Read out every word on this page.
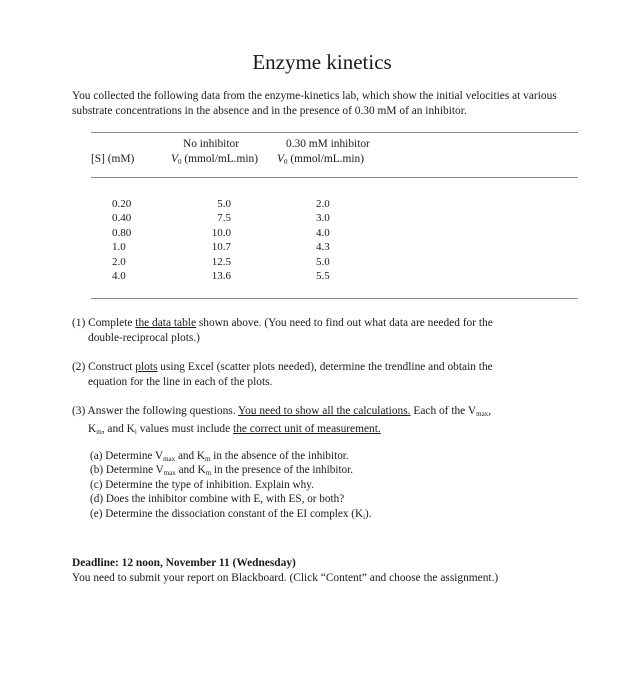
Enzyme kinetics
You collected the following data from the enzyme-kinetics lab, which show the initial velocities at various substrate concentrations in the absence and in the presence of 0.30 mM of an inhibitor.
No inhibitor	0.30 mM inhibitor
[S] (mM)	$V_0$ (mmol/mL.min) $V_0$ (mmol/mL.min)
0.20
0.40
0.80
1.0
2.0
4.0
5.0
7.5
10.0
10.7
12.5
13.6
2.0
3.0
4.0
4.3
5.0
5.5
(1) Complete the data table shown above. (You need to find out what data are needed for the
double-reciprocal plots.)
(2) Construct plots using Excel (scatter plots needed), determine the trendline and obtain the
equation for the line in each of the plots.
(3) Answer the following questions. You need to show all the calculations. Each of the $V_{max}$,
$K_m$, and $K_i$ values must include the correct unit of measurement.
(a) Determine $V_{max}$ and $K_m$ in the absence of the inhibitor.
(b) Determine $V_{max}$ and $K_m$ in the presence of the inhibitor.
(c) Determine the type of inhibition. Explain why.
(d) Does the inhibitor combine with E, with ES, or both?
(e) Determine the dissociation constant of the EI complex $(K_i)$.
Deadline: 12 noon, November 11 (Wednesday)
You need to submit your report on Blackboard. (Click “Content” and choose the assignment.)
